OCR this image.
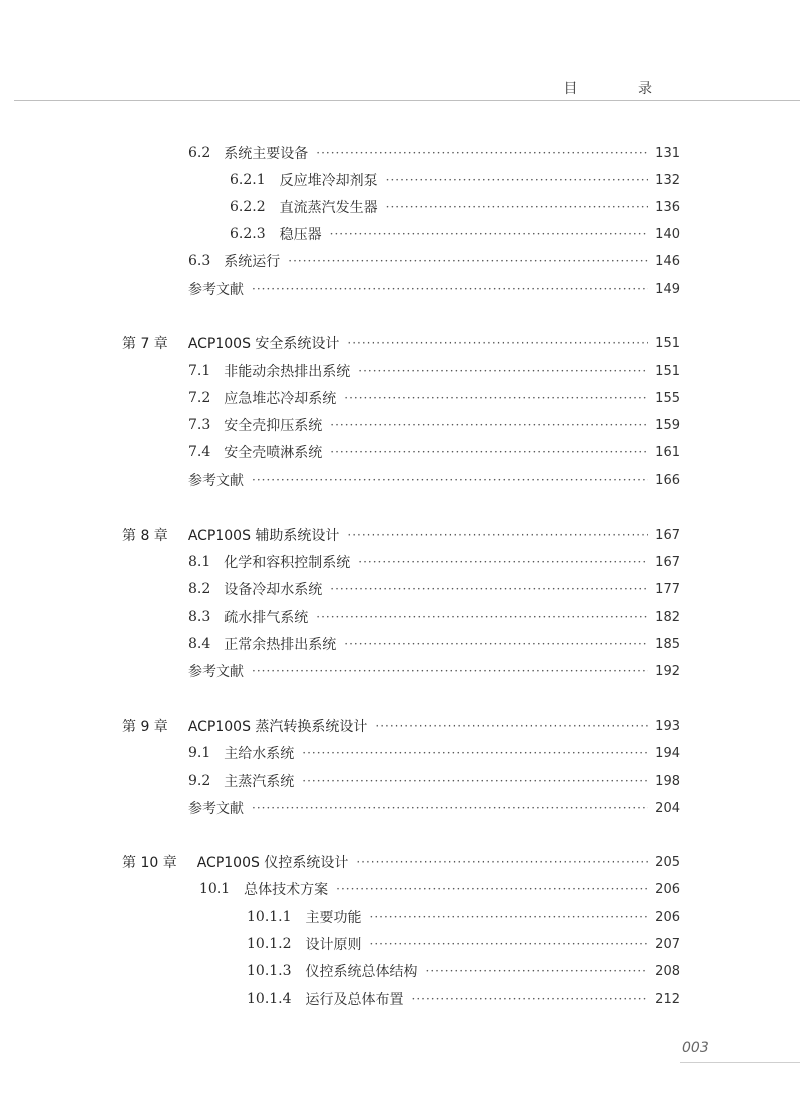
目 录
6.2 系统主要设备 ·····	131
6.2.1 反应堆冷却剂泵 ·····	132
6.2.2 直流蒸汽发生器 ·····	136
6.2.3 稳压器 ·····	140
6.3 系统运行 ·····	146
参考文献 ·····	149
第 7 章 ACP100S 安全系统设计 ·····	151
7.1 非能动余热排出系统 ·····	151
7.2 应急堆芯冷却系统 ·····	155
7.3 安全壳抑压系统 ·····	159
7.4 安全壳喷淋系统 ·····	161
参考文献 ·····	166
第 8 章 ACP100S 辅助系统设计 ·····	167
8.1 化学和容积控制系统 ·····	167
8.2 设备冷却水系统 ·····	177
8.3 疏水排气系统 ·····	182
8.4 正常余热排出系统 ·····	185
参考文献 ·····	192
第 9 章 ACP100S 蒸汽转换系统设计 ·····	193
9.1 主给水系统 ·····	194
9.2 主蒸汽系统 ·····	198
参考文献 ·····	204
第 10 章 ACP100S 仪控系统设计 ·····	205
10.1 总体技术方案 ·····	206
10.1.1 主要功能 ·····	206
10.1.2 设计原则 ·····	207
10.1.3 仪控系统总体结构 ·····	208
10.1.4 运行及总体布置 ·····	212
003
